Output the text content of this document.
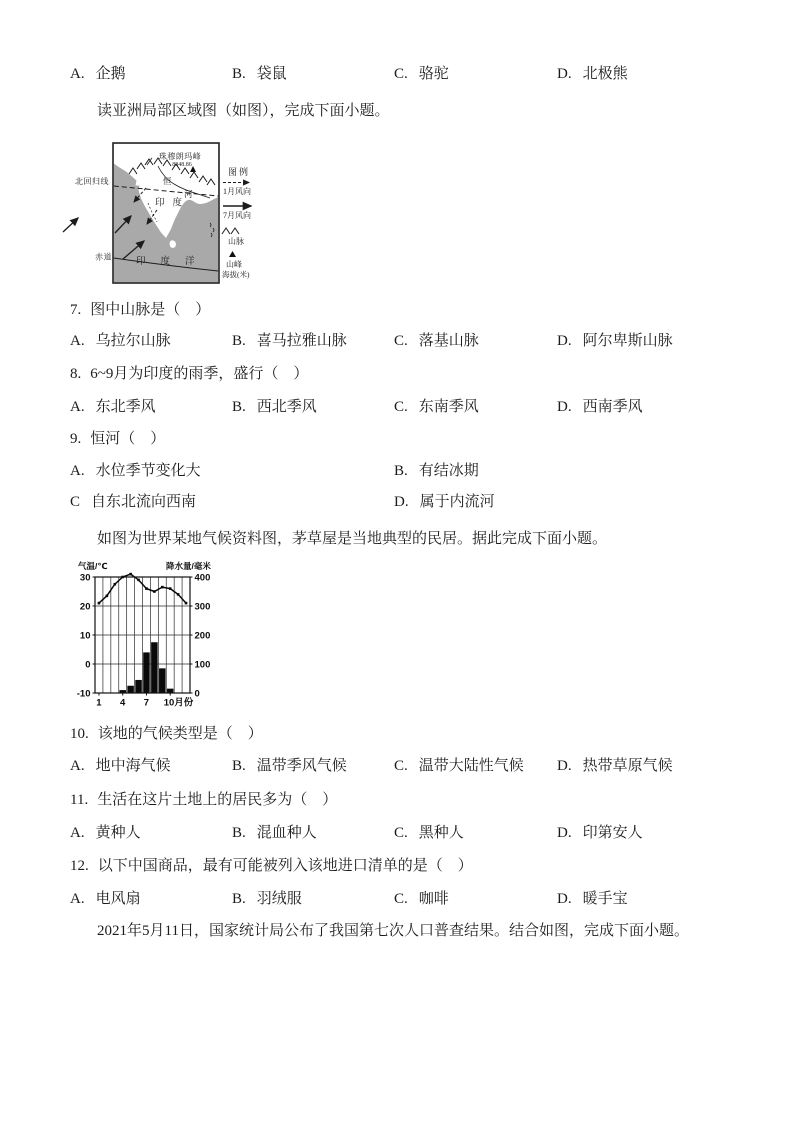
A. 企鹅	B. 袋鼠	C. 骆驼	D. 北极熊
读亚洲局部区域图（如图），完成下面小题。
北回归线
赤道
珠穆朗玛峰
8848.86
恒
河
印度
印度洋
图例
1月风向
7月风向
山脉
山峰
海拔(米)
7. 图中山脉是（　）
A. 乌拉尔山脉	B. 喜马拉雅山脉	C. 落基山脉	D. 阿尔卑斯山脉
8. 6~9月为印度的雨季，盛行（　）
A. 东北季风	B. 西北季风	C. 东南季风	D. 西南季风
9. 恒河（　）
A. 水位季节变化大	B. 有结冰期
C 自东北流向西南	D. 属于内流河
如图为世界某地气候资料图，茅草屋是当地典型的民居。据此完成下面小题。
30
20
10
0
-10
400
300
200
100
0
1 4 7 10月份
气温/℃	降水量/毫米
10. 该地的气候类型是（　）
A. 地中海气候	B. 温带季风气候	C. 温带大陆性气候 D. 热带草原气候
11. 生活在这片土地上的居民多为（　）
A. 黄种人	B. 混血种人	C. 黑种人	D. 印第安人
12. 以下中国商品，最有可能被列入该地进口清单的是（　）
A. 电风扇	B. 羽绒服	C. 咖啡	D. 暖手宝
2021年5月11日，国家统计局公布了我国第七次人口普查结果。结合如图，完成下面小题。
